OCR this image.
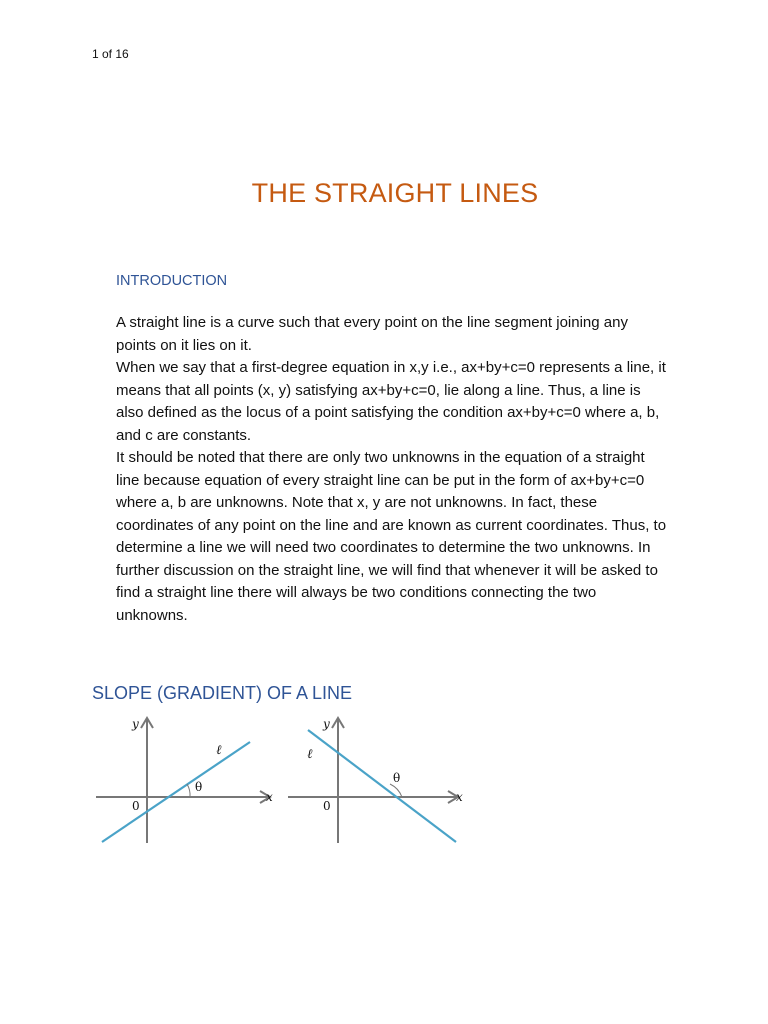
1 of 16
THE STRAIGHT LINES
INTRODUCTION

A straight line is a curve such that every point on the line segment joining any points on it lies on it.

When we say that a first-degree equation in x,y i.e., ax+by+c=0 represents a line, it means that all points (x, y) satisfying ax+by+c=0, lie along a line. Thus, a line is also defined as the locus of a point satisfying the condition ax+by+c=0 where a, b, and c are constants.

It should be noted that there are only two unknowns in the equation of a straight line because equation of every straight line can be put in the form of ax+by+c=0 where a, b are unknowns. Note that x, y are not unknowns. In fact, these coordinates of any point on the line and are known as current coordinates. Thus, to determine a line we will need two coordinates to determine the two unknowns. In further discussion on the straight line, we will find that whenever it will be asked to find a straight line there will always be two conditions connecting the two unknowns.

SLOPE (GRADIENT) OF A LINE
y
x
0
ℓ
θ
y
x
0
ℓ
θ
